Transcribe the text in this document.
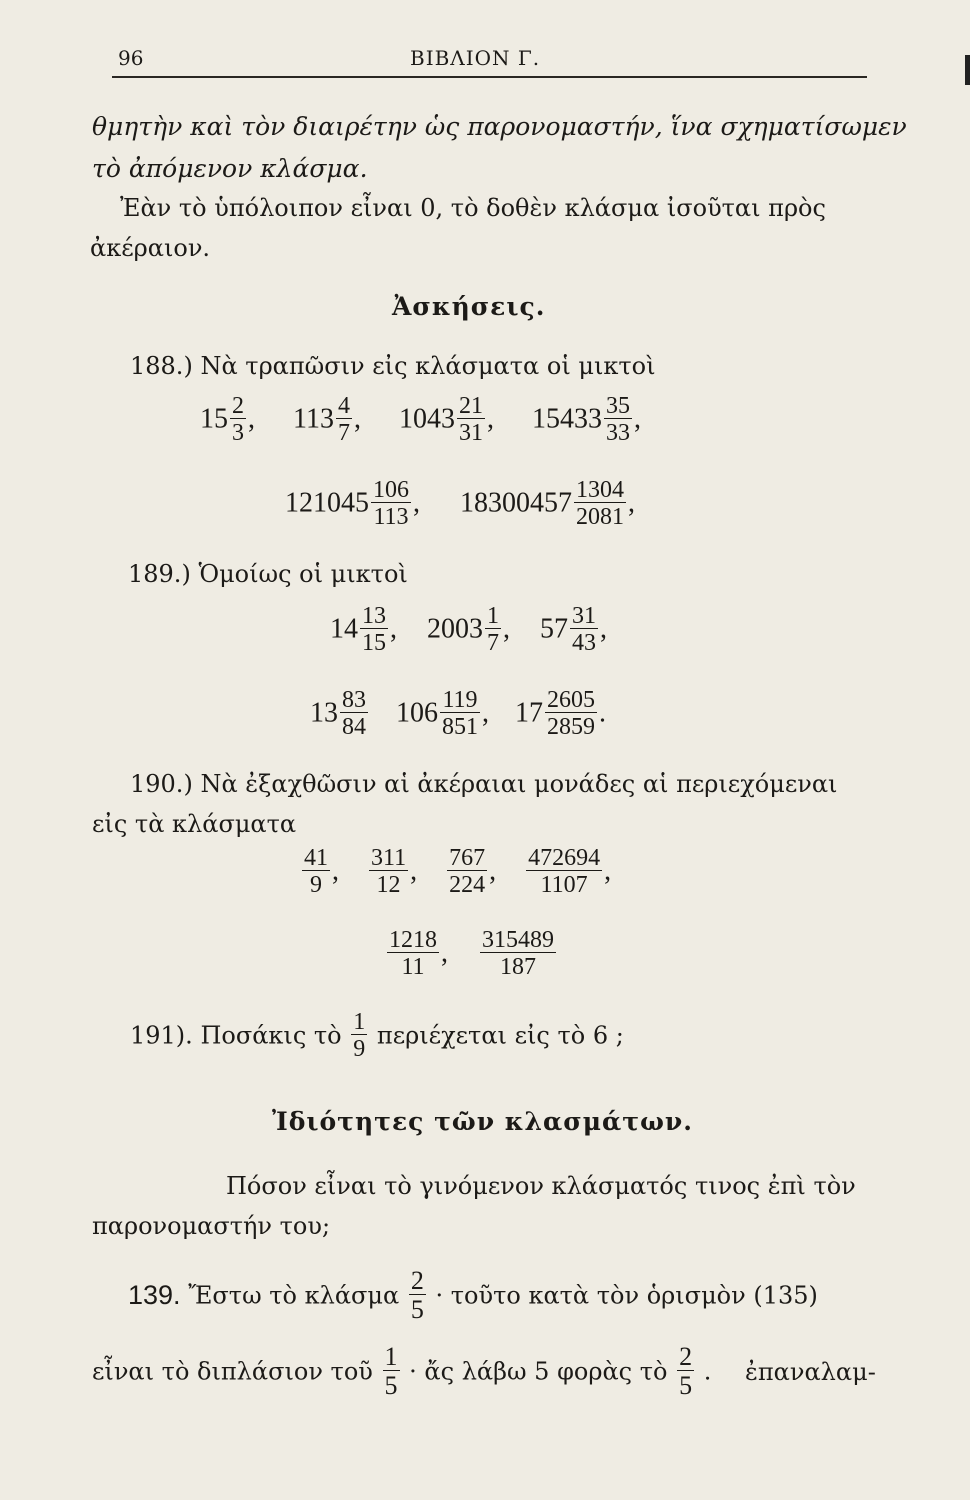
96	ΒΙΒΛΙΟΝ Γ.
θμητὴν καὶ τὸν διαιρέτην ὡς παρονομαστήν, ἵνα σχηματίσωμεν
τὸ ἀπόμενον κλάσμα.
Ἐὰν τὸ ὑπόλοιπον εἶναι 0, τὸ δοθὲν κλάσμα ἰσοῦται πρὸς
ἀκέραιον.
Ἀσκήσεις.
188.) Νὰ τραπῶσιν εἰς κλάσματα οἱ μικτοὶ
$15 \frac{2}{3}$ , $113 \frac{4}{7}$ , $1043 \frac{21}{31}$ , $15433 \frac{35}{33}$ ,
$121045 \frac{106}{113}$ , $18300457 \frac{1304}{2081}$ ,
189.) Ὁμοίως οἱ μικτοὶ
$14 \frac{13}{15}$ , $2003 \frac{1}{7}$ , $57 \frac{31}{43}$ ,
$13 \frac{83}{84} 106 \frac{119}{851}$ , $17 \frac{2605}{2859}$ .
190.) Νὰ ἐξαχθῶσιν αἱ ἀκέραιαι μονάδες αἱ περιεχόμεναι
εἰς τὰ κλάσματα
$\frac{41}{9}$ , $\frac{311}{12}$ , $\frac{767}{224}$ , $\frac{472694}{1107}$ ,
$\frac{1218}{11}$ , $\frac{315489}{187}$
191). Ποσάκις τὸ $\frac{1}{9}$ περιέχεται εἰς τὸ 6 ;
Ἰδιότητες τῶν κλασμάτων.
Πόσον εἶναι τὸ γινόμενον κλάσματός τινος ἐπὶ τὸν
παρονομαστήν του;
139. Ἔστω τὸ κλάσμα $\frac{2}{5}$ · τοῦτο κατὰ τὸν ὁρισμὸν (135)
εἶναι τὸ διπλάσιον τοῦ $\frac{1}{5}$ · ἄς λάβω 5 φορὰς τὸ $\frac{2}{5}$ . ἐπαναλαμ-
